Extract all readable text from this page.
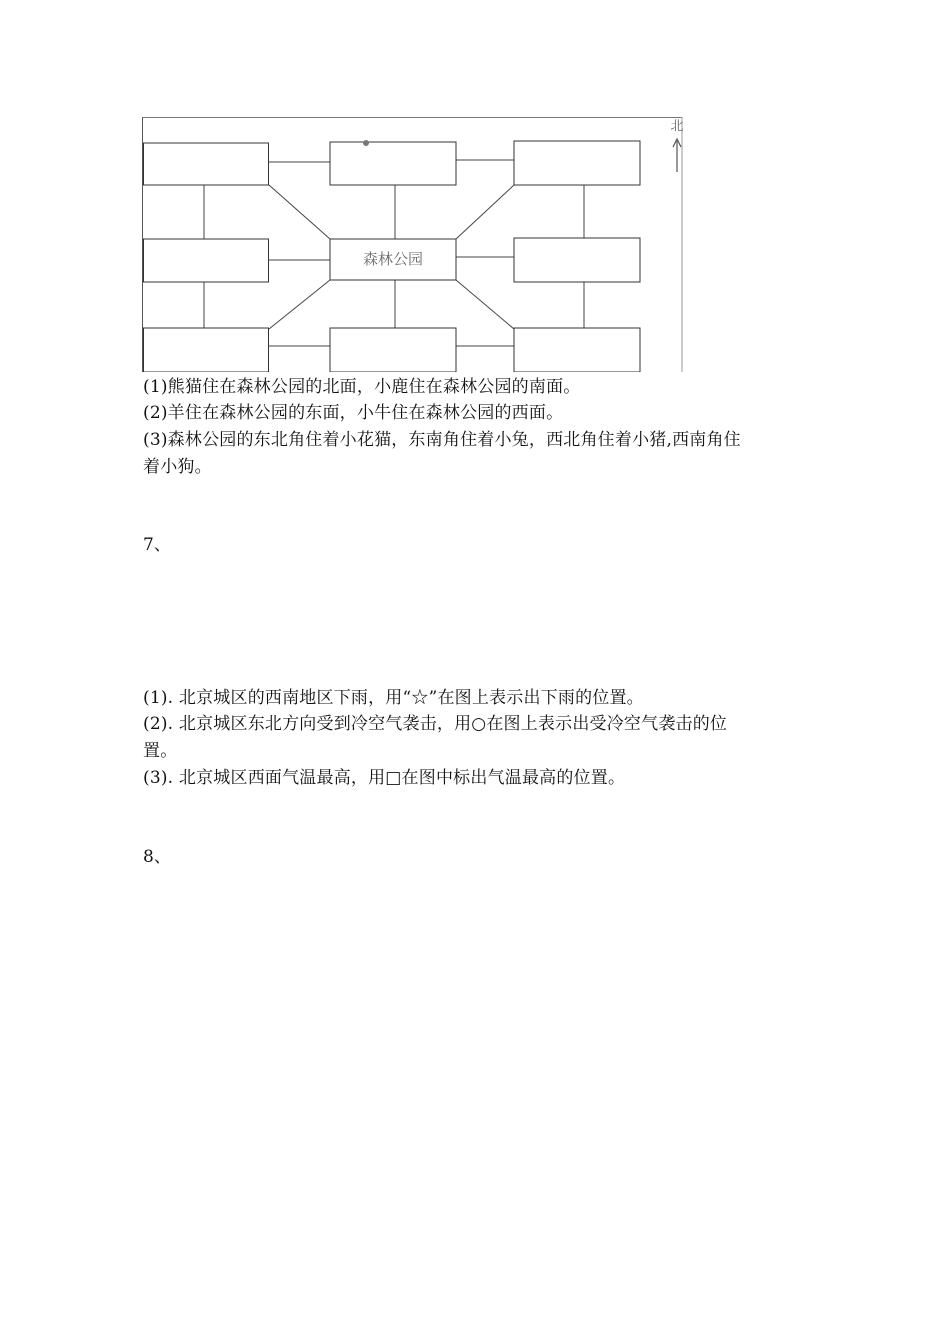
森林公园
北
(1)熊猫住在森林公园的北面，小鹿住在森林公园的南面。
(2)羊住在森林公园的东面，小牛住在森林公园的西面。
(3)森林公园的东北角住着小花猫，东南角住着小兔，西北角住着小猪,西南角住
着小狗。
7、
(1). 北京城区的西南地区下雨，用“☆”在图上表示出下雨的位置。
(2). 北京城区东北方向受到冷空气袭击，用○在图上表示出受冷空气袭击的位
置。
(3). 北京城区西面气温最高，用□在图中标出气温最高的位置。
8、
